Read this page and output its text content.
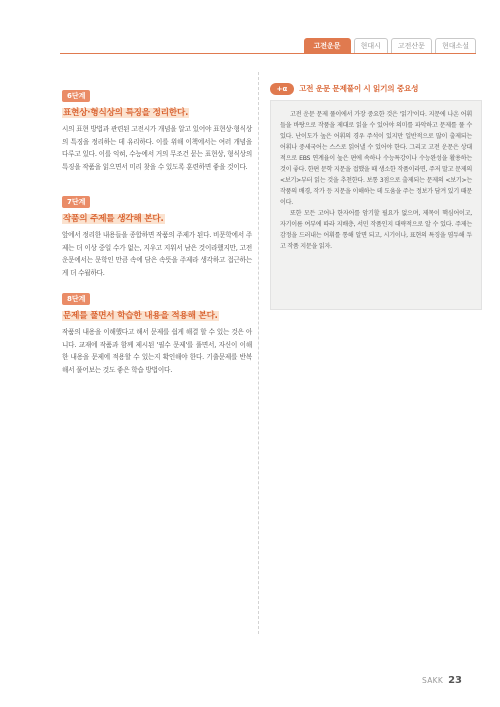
고전운문	현대시	고전산문	현대소설
6단계
표현상·형식상의 특징을 정리한다.
시의 표현 방법과 관련된 고전시가 개념을 알고 있어야 표현상·형식상의 특징을 정리하는 데 유리하다. 이를 위해 이책에서는 여러 개념을 다루고 있다. 이를 익혀, 수능에서 거의 무조건 묻는 표현상, 형식상의 특징을 작품을 읽으면서 미리 찾을 수 있도록 훈련하면 좋을 것이다.
7단계
작품의 주제를 생각해 본다.
앞에서 정리한 내용들을 종합하면 작품의 주제가 된다. 비문학에서 주제는 더 이상 중일 수가 없는, 지우고 지워서 남은 것이라했지만, 고전운문에서는 문학인 만큼 속에 담은 속뜻을 주제라 생각하고 접근하는게 더 수월하다.
8단계
문제를 풀면서 학습한 내용을 적용해 본다.
작품의 내용을 이해했다고 해서 문제를 쉽게 해결 할 수 있는 것은 아니다. 교재에 작품과 함께 제시된 '필수 문제'를 풀면서, 자신이 이해한 내용을 문제에 적용할 수 있는지 확인해야 한다. 기출문제를 반복해서 풀어보는 것도 좋은 학습 방법이다.
+α	고전 운문 문제풀이 시 읽기의 중요성

고전 운문 문제 풀이에서 가장 중요한 것은 '읽기'이다. 지문에 나온 어휘들을 바탕으로 작품을 제대로 읽을 수 있어야 의미를 파악하고 문제를 풀 수 있다. 난이도가 높은 어휘의 경우 주석이 있지만 일반적으로 많이 출제되는 어휘나 중세국어는 스스로 읽어낼 수 있어야 한다. 그리고 고전 운문은 상대적으로 EBS 연계율이 높은 편에 속하나 수능특강이나 수능완성을 활용하는 것이 좋다. 한편 문학 지문을 접했을 때 생소한 작품이라면, 주저 말고 문제의 <보기>부터 읽는 것을 추천한다. 보통 3점으로 출제되는 문제의 <보기>는 작품의 배경, 작가 등 지문을 이해하는 데 도움을 주는 정보가 담겨 있기 때문이다.

또한 모든 고어나 한자어를 암기할 필요가 없으며, 제목이 핵심어이고, 자기이름 여부에 따라 지배층, 서민 작품인지 대략적으로 알 수 있다. 주제는 감정을 드러내는 어휘를 통해 알면 되고, 시기이나, 표현의 특징을 염두해 두고 작품 지문을 읽자.

SAKK 23
